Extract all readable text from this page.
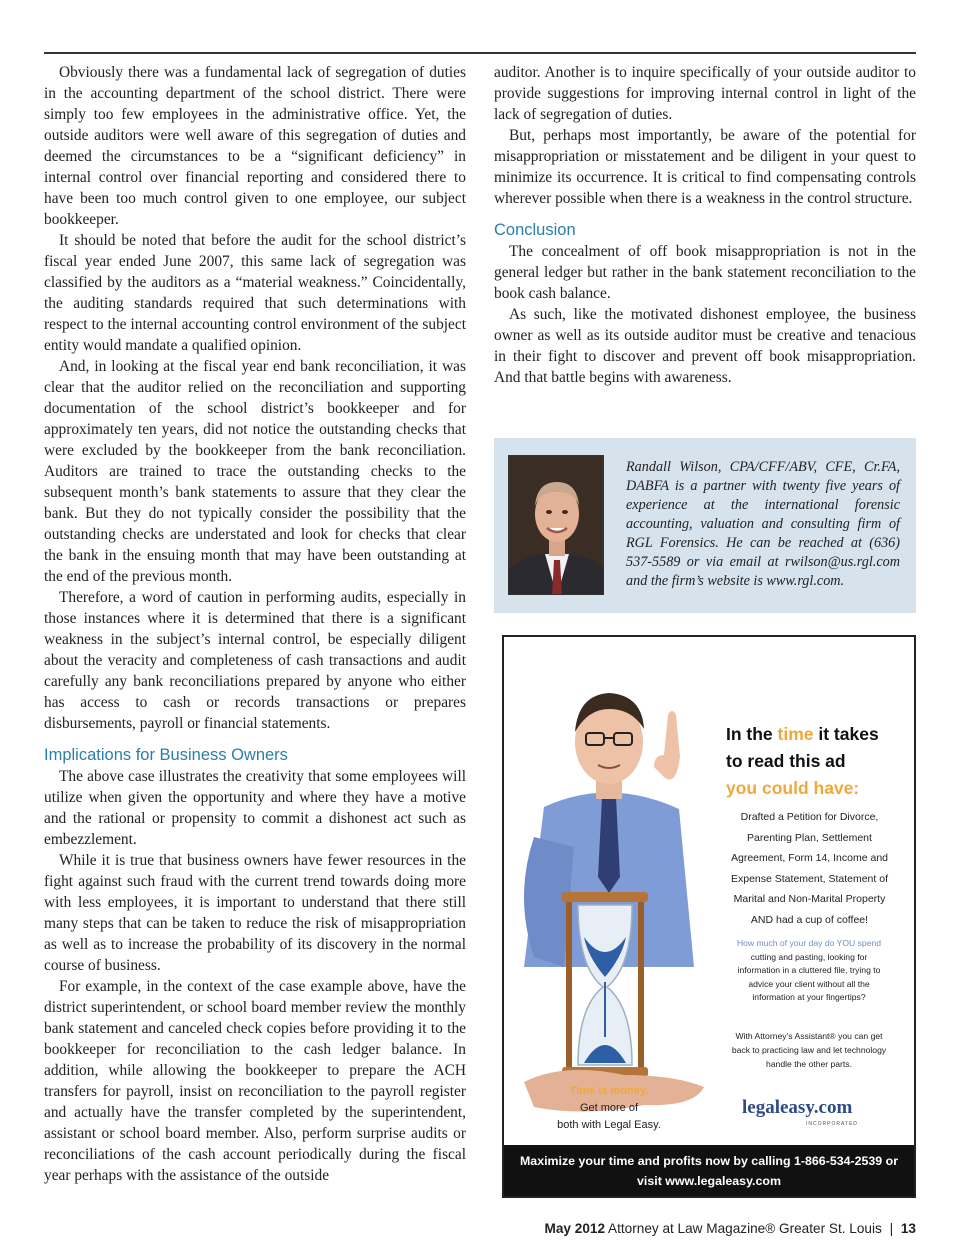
Obviously there was a fundamental lack of segregation of duties in the accounting department of the school district. There were simply too few employees in the administrative office. Yet, the outside auditors were well aware of this segregation of duties and deemed the circumstances to be a “significant deficiency” in internal control over financial reporting and considered there to have been too much control given to one employee, our subject bookkeeper.

It should be noted that before the audit for the school district’s fiscal year ended June 2007, this same lack of segregation was classified by the auditors as a “material weakness.” Coincidentally, the auditing standards required that such determinations with respect to the internal accounting control environment of the subject entity would mandate a qualified opinion.

And, in looking at the fiscal year end bank reconciliation, it was clear that the auditor relied on the reconciliation and supporting documentation of the school district’s bookkeeper and for approximately ten years, did not notice the outstanding checks that were excluded by the bookkeeper from the bank reconciliation. Auditors are trained to trace the outstanding checks to the subsequent month’s bank statements to assure that they clear the bank. But they do not typically consider the possibility that the outstanding checks are understated and look for checks that clear the bank in the ensuing month that may have been outstanding at the end of the previous month.

Therefore, a word of caution in performing audits, especially in those instances where it is determined that there is a significant weakness in the subject’s internal control, be especially diligent about the veracity and completeness of cash transactions and audit carefully any bank reconciliations prepared by anyone who either has access to cash or records transactions or prepares disbursements, payroll or financial statements.

Implications for Business Owners

The above case illustrates the creativity that some employees will utilize when given the opportunity and where they have a motive and the rational or propensity to commit a dishonest act such as embezzlement.

While it is true that business owners have fewer resources in the fight against such fraud with the current trend towards doing more with less employees, it is important to understand that there still many steps that can be taken to reduce the risk of misappropriation as well as to increase the probability of its discovery in the normal course of business.

For example, in the context of the case example above, have the district superintendent, or school board member review the monthly bank statement and canceled check copies before providing it to the bookkeeper for reconciliation to the cash ledger balance. In addition, while allowing the bookkeeper to prepare the ACH transfers for payroll, insist on reconciliation to the payroll register and actually have the transfer completed by the superintendent, assistant or school board member. Also, perform surprise audits or reconciliations of the cash account periodically during the fiscal year perhaps with the assistance of the outside

auditor. Another is to inquire specifically of your outside auditor to provide suggestions for improving internal control in light of the lack of segregation of duties.

But, perhaps most importantly, be aware of the potential for misappropriation or misstatement and be diligent in your quest to minimize its occurrence. It is critical to find compensating controls wherever possible when there is a weakness in the control structure.

Conclusion

The concealment of off book misappropriation is not in the general ledger but rather in the bank statement reconciliation to the book cash balance.

As such, like the motivated dishonest employee, the business owner as well as its outside auditor must be creative and tenacious in their fight to discover and prevent off book misappropriation. And that battle begins with awareness.

Randall Wilson, CPA/CFF/ABV, CFE, Cr.FA, DABFA is a partner with twenty five years of experience at the international forensic accounting, valuation and consulting firm of RGL Forensics. He can be reached at (636) 537-5589 or via email at rwilson@us.rgl.com and the firm’s website is www.rgl.com.
In the time it takes
to read this ad
you could have:
Drafted a Petition for Divorce, Parenting Plan, Settlement Agreement, Form 14, Income and Expense Statement, Statement of Marital and Non-Marital Property AND had a cup of coffee!
How much of your day do YOU spend cutting and pasting, looking for information in a cluttered file, trying to advice your client without all the information at your fingertips?
With Attorney’s Assistant® you can get back to practicing law and let technology handle the other parts.
Time is money.
Get more of
both with Legal Easy.
legaleasy.com
INCORPORATED
Maximize your time and profits now by calling 1-866-534-2539 or
visit www.legaleasy.com
May 2012 Attorney at Law Magazine® Greater St. Louis | 13
